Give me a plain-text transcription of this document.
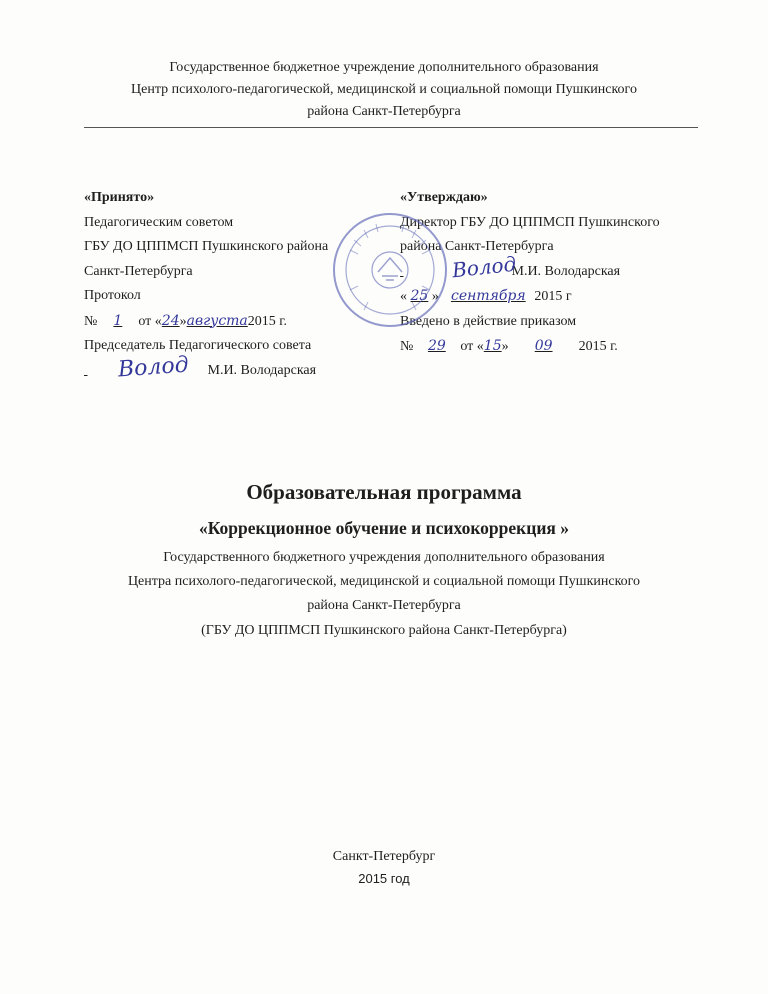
Государственное бюджетное учреждение дополнительного образования
Центр психолого-педагогической, медицинской и социальной помощи Пушкинского
района Санкт-Петербурга
«Принято»
Педагогическим советом
ГБУ ДО ЦППМСП Пушкинского района
Санкт-Петербурга
Протокол
№ 1 от «24»августа2015 г.
Председатель Педагогического совета
М.И. Володарская
Волод
«Утверждаю»
Директор ГБУ ДО ЦППМСП Пушкинского
района Санкт-Петербурга
М.И. Володарская
« 25 » сентября 2015 г
Введено в действие приказом
№ 29 от «15» 09 2015 г.
Волод
Образовательная программа
«Коррекционное обучение и психокоррекция »
Государственного бюджетного учреждения дополнительного образования
Центра психолого-педагогической, медицинской и социальной помощи Пушкинского
района Санкт-Петербурга
(ГБУ ДО ЦППМСП Пушкинского района Санкт-Петербурга)
Санкт-Петербург
2015 год
